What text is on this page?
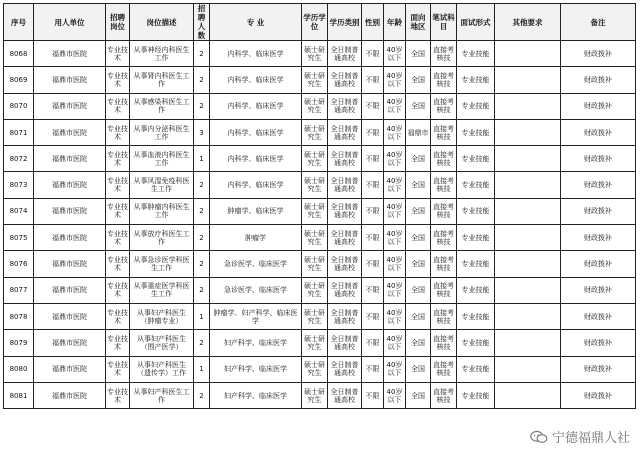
序号	用人单位	招聘岗位	岗位描述	招聘人数	专 业	学历学位	学历类别	性别	年龄	面向地区	笔试科目	面试形式	其他要求	备注
8068	福鼎市医院	专业技术	从事神经内科医生工作	2	内科学、临床医学	硕士研究生	全日制普通高校	不限	40岁以下	全国	直接考核技	专业技能		财政拨补
8069	福鼎市医院	专业技术	从事肾内科医生工作	2	内科学、临床医学	硕士研究生	全日制普通高校	不限	40岁以下	全国	直接考核技	专业技能		财政拨补
8070	福鼎市医院	专业技术	从事感染科医生工作	2	内科学、临床医学	硕士研究生	全日制普通高校	不限	40岁以下	全国	直接考核技	专业技能		财政拨补
8071	福鼎市医院	专业技术	从事内分泌科医生工作	3	内科学、临床医学	硕士研究生	全日制普通高校	不限	40岁以下	福鼎市	直接考核技	专业技能		财政拨补
8072	福鼎市医院	专业技术	从事血液内科医生工作	1	内科学、临床医学	硕士研究生	全日制普通高校	不限	40岁以下	全国	直接考核技	专业技能		财政拨补
8073	福鼎市医院	专业技术	从事风湿免疫科医生工作	2	内科学、临床医学	硕士研究生	全日制普通高校	不限	40岁以下	全国	直接考核技	专业技能		财政拨补
8074	福鼎市医院	专业技术	从事肿瘤内科医生工作	2	肿瘤学、临床医学	硕士研究生	全日制普通高校	不限	40岁以下	全国	直接考核技	专业技能		财政拨补
8075	福鼎市医院	专业技术	从事放疗科医生工作	2	肿瘤学	硕士研究生	全日制普通高校	不限	40岁以下	全国	直接考核技	专业技能		财政拨补
8076	福鼎市医院	专业技术	从事急诊医学科医生工作	2	急诊医学、临床医学	硕士研究生	全日制普通高校	不限	40岁以下	全国	直接考核技	专业技能		财政拨补
8077	福鼎市医院	专业技术	从事重症医学科医生工作	2	急诊医学、临床医学	硕士研究生	全日制普通高校	不限	40岁以下	全国	直接考核技	专业技能		财政拨补
8078	福鼎市医院	专业技术	从事妇产科医生（肿瘤专业）	1	肿瘤学、妇产科学、临床医学	硕士研究生	全日制普通高校	不限	40岁以下	全国	直接考核技	专业技能		财政拨补
8079	福鼎市医院	专业技术	从事妇产科医生（围产医学）	2	妇产科学、临床医学	硕士研究生	全日制普通高校	不限	40岁以下	全国	直接考核技	专业技能		财政拨补
8080	福鼎市医院	专业技术	从事妇产科医生（遗传学）工作	1	妇产科学、临床医学	硕士研究生	全日制普通高校	不限	40岁以下	全国	直接考核技	专业技能		财政拨补
8081	福鼎市医院	专业技术	从事妇产科医生工作	2	妇产科学、临床医学	硕士研究生	全日制普通高校	不限	40岁以下	全国	直接考核技	专业技能		财政拨补
宁德福鼎人社
